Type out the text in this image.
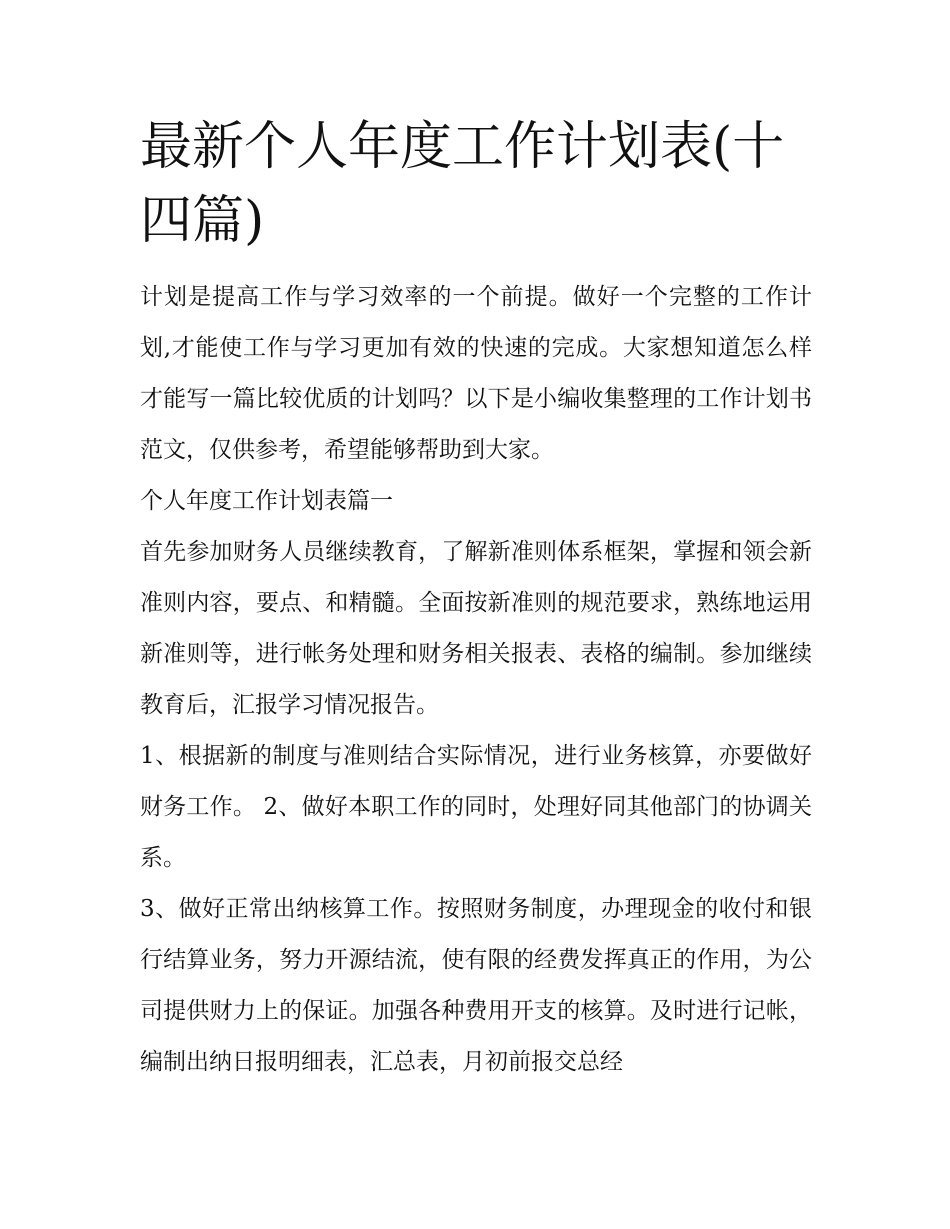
最新个人年度工作计划表(十四篇)

计划是提高工作与学习效率的一个前提。做好一个完整的工作计划,才能使工作与学习更加有效的快速的完成。大家想知道怎么样才能写一篇比较优质的计划吗？以下是小编收集整理的工作计划书范文，仅供参考，希望能够帮助到大家。

个人年度工作计划表篇一

首先参加财务人员继续教育，了解新准则体系框架，掌握和领会新准则内容，要点、和精髓。全面按新准则的规范要求，熟练地运用新准则等，进行帐务处理和财务相关报表、表格的编制。参加继续教育后，汇报学习情况报告。

1、根据新的制度与准则结合实际情况，进行业务核算，亦要做好财务工作。 2、做好本职工作的同时，处理好同其他部门的协调关系。

3、做好正常出纳核算工作。按照财务制度，办理现金的收付和银行结算业务，努力开源结流，使有限的经费发挥真正的作用，为公司提供财力上的保证。加强各种费用开支的核算。及时进行记帐，编制出纳日报明细表，汇总表，月初前报交总经
